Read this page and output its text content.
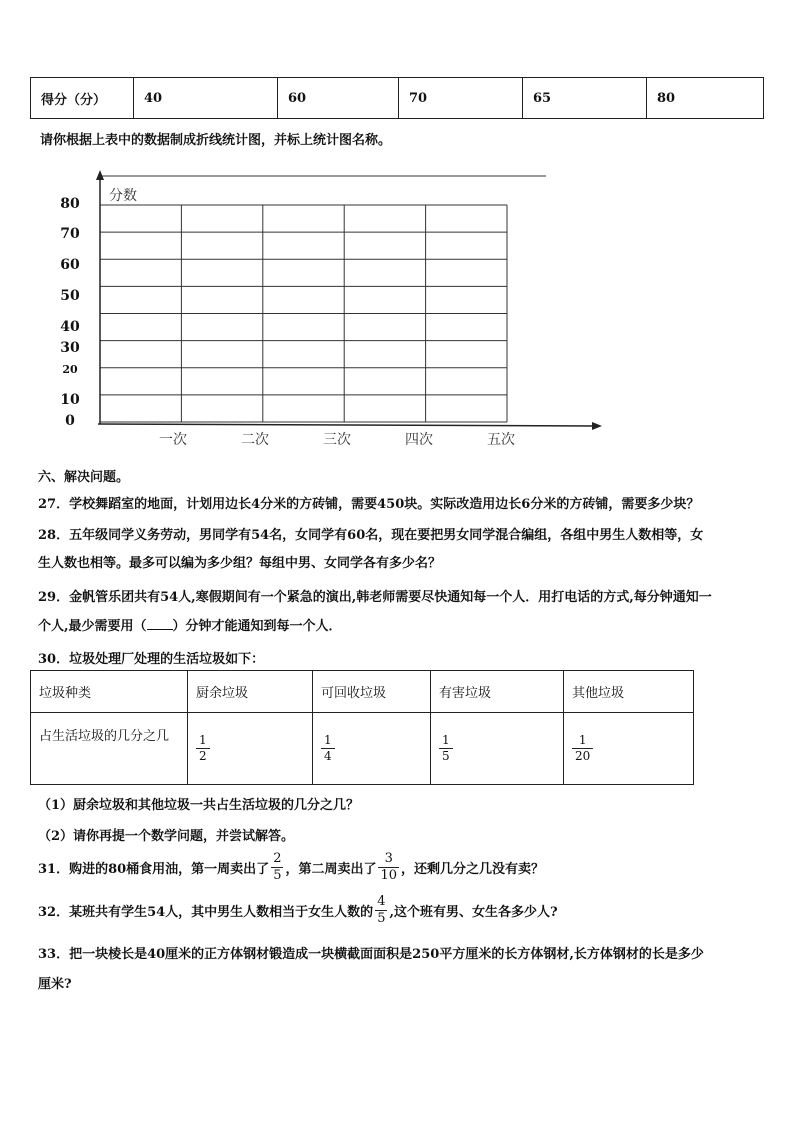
得分（分）	40	60	70	65	80
请你根据上表中的数据制成折线统计图，并标上统计图名称。
分数
80
70
60
50
40
30
20
10
0
一次	二次	三次	四次	五次
六、解决问题。
27．学校舞蹈室的地面，计划用边长4分米的方砖铺，需要450块。实际改造用边长6分米的方砖铺，需要多少块？
28．五年级同学义务劳动，男同学有54名，女同学有60名，现在要把男女同学混合编组，各组中男生人数相等，女
生人数也相等。最多可以编为多少组？每组中男、女同学各有多少名？
29．金帆管乐团共有54人,寒假期间有一个紧急的演出,韩老师需要尽快通知每一个人．用打电话的方式,每分钟通知一
个人,最少需要用（ ）分钟才能通知到每一个人．
30．垃圾处理厂处理的生活垃圾如下：
垃圾种类	厨余垃圾	可回收垃圾	有害垃圾	其他垃圾
占生活垃圾的几分之几	$\frac{1}{2}$	$\frac{1}{4}$	$\frac{1}{5}$	$\frac{1}{20}$
（1）厨余垃圾和其他垃圾一共占生活垃圾的几分之几？
（2）请你再提一个数学问题，并尝试解答。
31．购进的80桶食用油，第一周卖出了 $\frac{2}{5}$ ，第二周卖出了 $\frac{3}{10}$ ，还剩几分之几没有卖？
32．某班共有学生54人，其中男生人数相当于女生人数的 $\frac{4}{5}$ ,这个班有男、女生各多少人?
33．把一块棱长是40厘米的正方体钢材锻造成一块横截面面积是250平方厘米的长方体钢材,长方体钢材的长是多少
厘米?
